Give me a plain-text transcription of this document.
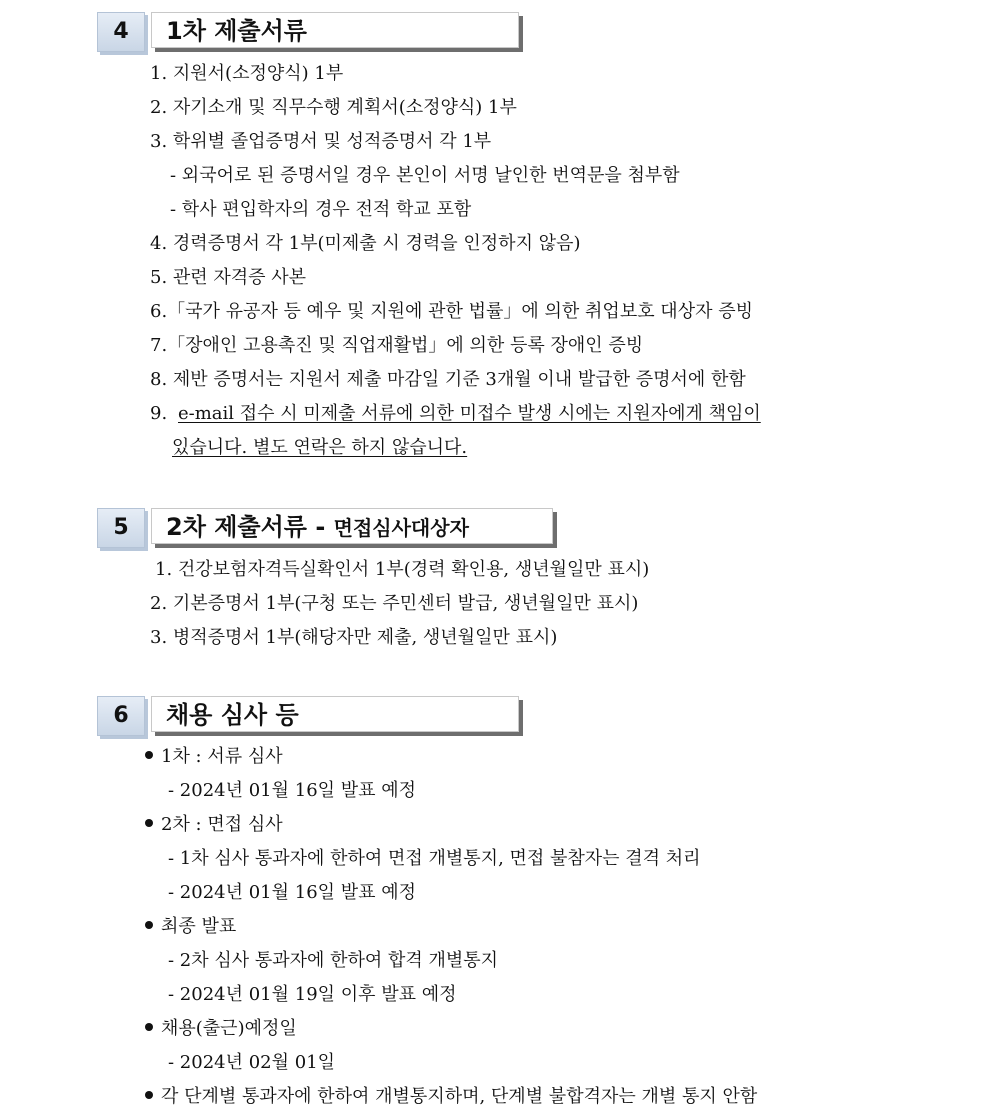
4	1차 제출서류
1. 지원서(소정양식) 1부
2. 자기소개 및 직무수행 계획서(소정양식) 1부
3. 학위별 졸업증명서 및 성적증명서 각 1부
- 외국어로 된 증명서일 경우 본인이 서명 날인한 번역문을 첨부함
- 학사 편입학자의 경우 전적 학교 포함
4. 경력증명서 각 1부(미제출 시 경력을 인정하지 않음)
5. 관련 자격증 사본
6.「국가 유공자 등 예우 및 지원에 관한 법률」에 의한 취업보호 대상자 증빙
7.「장애인 고용촉진 및 직업재활법」에 의한 등록 장애인 증빙
8. 제반 증명서는 지원서 제출 마감일 기준 3개월 이내 발급한 증명서에 한함
9. e-mail 접수 시 미제출 서류에 의한 미접수 발생 시에는 지원자에게 책임이
있습니다. 별도 연락은 하지 않습니다.
5	2차 제출서류 - 면접심사대상자
1. 건강보험자격득실확인서 1부(경력 확인용, 생년월일만 표시)
2. 기본증명서 1부(구청 또는 주민센터 발급, 생년월일만 표시)
3. 병적증명서 1부(해당자만 제출, 생년월일만 표시)
6	채용 심사 등
1차 : 서류 심사
- 2024년 01월 16일 발표 예정
2차 : 면접 심사
- 1차 심사 통과자에 한하여 면접 개별통지, 면접 불참자는 결격 처리
- 2024년 01월 16일 발표 예정
최종 발표
- 2차 심사 통과자에 한하여 합격 개별통지
- 2024년 01월 19일 이후 발표 예정
채용(출근)예정일
- 2024년 02월 01일
각 단계별 통과자에 한하여 개별통지하며, 단계별 불합격자는 개별 통지 안함
